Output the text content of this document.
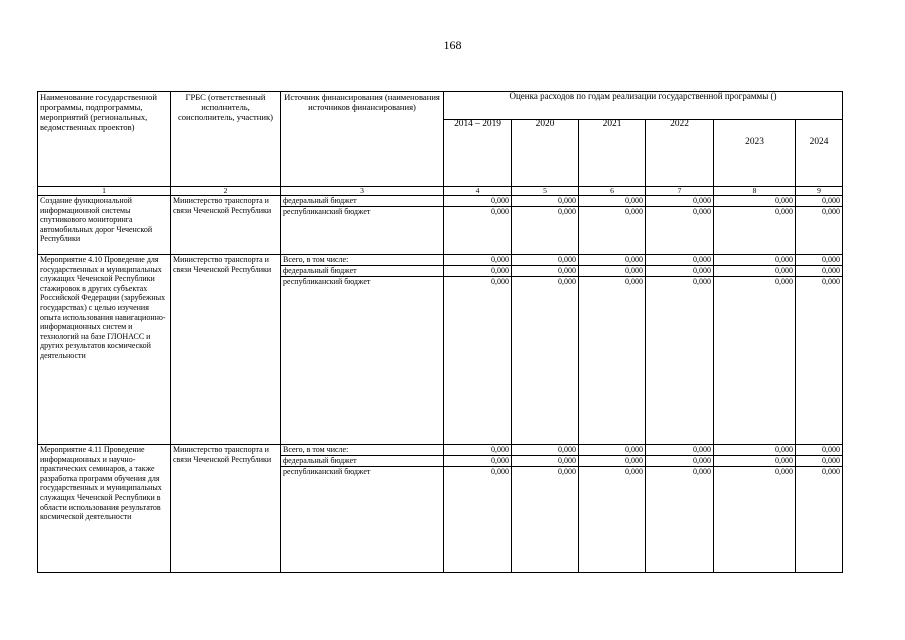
168
Наименование государственной программы, подпрограммы, мероприятий (региональных, ведомственных проектов)	ГРБС (ответственный исполнитель, соисполнитель, участник)	Источник финансирования (наименования источников финансирования)	Оценка расходов по годам реализации государственной программы ()					
			2014 – 2019	2020	2021	2022	2023	2024
1	2	3	4	5	6	7	8	9
Создание функциональной информационной системы спутникового мониторинга автомобильных дорог Чеченской Республики	Министерство транспорта и связи Чеченской Республики	федеральный бюджет	0,000	0,000	0,000	0,000	0,000	0,000
		республиканский бюджет	0,000	0,000	0,000	0,000	0,000	0,000
Мероприятие 4.10 Проведение для государственных и муниципальных служащих Чеченской Республики стажировок в других субъектах Российской Федерации (зарубежных государствах) с целью изучения опыта использования навигационно-информационных систем и технологий на базе ГЛОНАСС и других результатов космической деятельности	Министерство транспорта и связи Чеченской Республики	Всего, в том числе:	0,000	0,000	0,000	0,000	0,000	0,000
		федеральный бюджет	0,000	0,000	0,000	0,000	0,000	0,000
		республиканский бюджет	0,000	0,000	0,000	0,000	0,000	0,000
Мероприятие 4.11 Проведение информационных и научно-практических семинаров, а также разработка программ обучения для государственных и муниципальных служащих Чеченской Республики в области использования результатов космической деятельности	Министерство транспорта и связи Чеченской Республики	Всего, в том числе:	0,000	0,000	0,000	0,000	0,000	0,000
		федеральный бюджет	0,000	0,000	0,000	0,000	0,000	0,000
		республиканский бюджет	0,000	0,000	0,000	0,000	0,000	0,000
